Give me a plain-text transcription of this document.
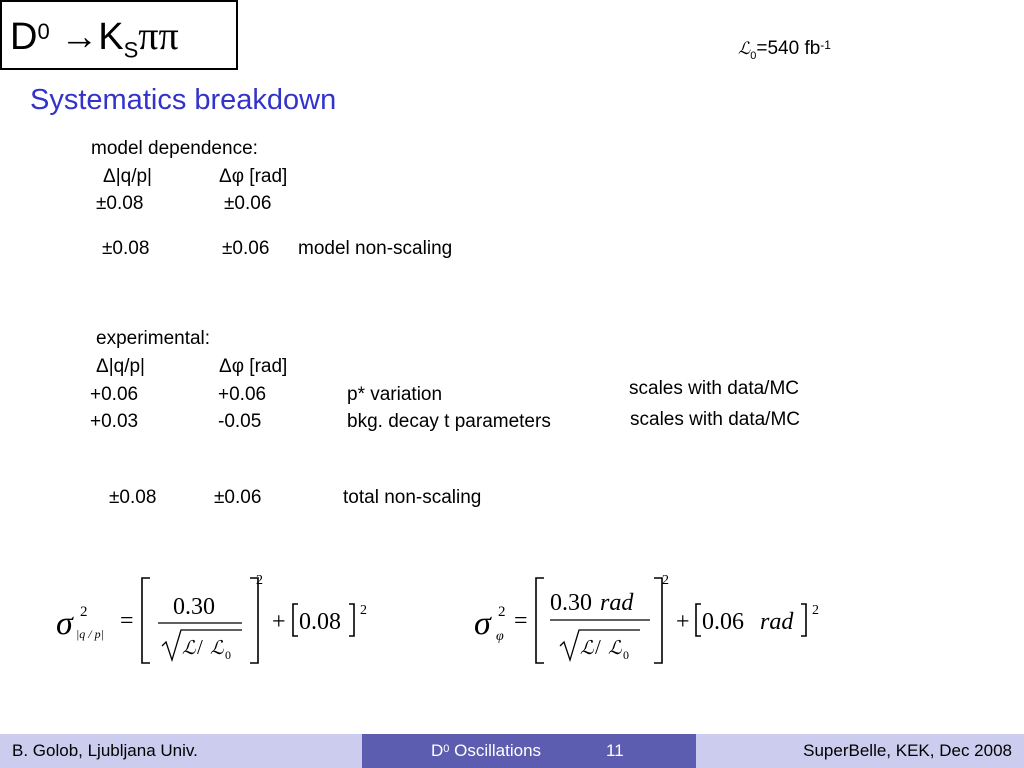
$D^0 \to K_S\pi\pi$	ℒ$_0$=540 $fb^{-1}$
Systematics breakdown
model dependence:
Δ|q/p|	Δφ [rad]
±0.08	±0.06
±0.08	±0.06 model non-scaling
experimental:
Δ|q/p|	Δφ [rad]
+0.06	+0.06	p* variation	scales with data/MC
+0.03	-0.05	bkg. decay t parameters	scales with data/MC
±0.08	±0.06	total non-scaling
σ 2
|q / p| =
0.30
ℒ / ℒ 0
2
+ 0.08 2	σ 2
φ
=
0.30 rad
ℒ / ℒ 0
2
+ 0.06 rad 2
B. Golob, Ljubljana Univ.	$D^0$ Oscillations	11	SuperBelle, KEK, Dec 2008
